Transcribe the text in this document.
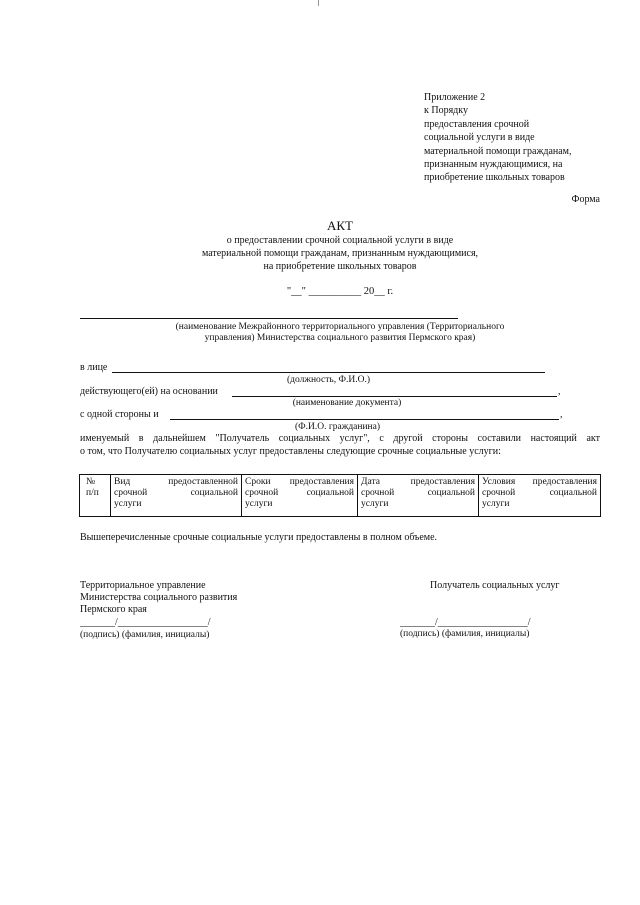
Приложение 2
к Порядку
предоставления срочной
социальной услуги в виде
материальной помощи гражданам,
признанным нуждающимися, на
приобретение школьных товаров
Форма
АКТ
о предоставлении срочной социальной услуги в виде
материальной помощи гражданам, признанным нуждающимися,
на приобретение школьных товаров
"__" __________ 20__ г.
(наименование Межрайонного территориального управления (Территориального
управления) Министерства социального развития Пермского края)
в лице
(должность, Ф.И.О.)
действующего(ей) на основании	,
(наименование документа)
с одной стороны и	,
(Ф.И.О. гражданина)
именуемый в дальнейшем "Получатель социальных услуг", с другой стороны составили настоящий акт
о том, что Получателю социальных услуг предоставлены следующие срочные социальные услуги:
№
п/п
Вид предоставленной
срочной социальной
услуги
Сроки предоставления
срочной социальной
услуги
Дата предоставления
срочной социальной
услуги
Условия предоставления
срочной социальной
услуги
Вышеперечисленные срочные социальные услуги предоставлены в полном объеме.
Территориальное управление
Министерства социального развития
Пермского края
_______/__________________/
(подпись) (фамилия, инициалы)
Получатель социальных услуг
_______/__________________/
(подпись) (фамилия, инициалы)
